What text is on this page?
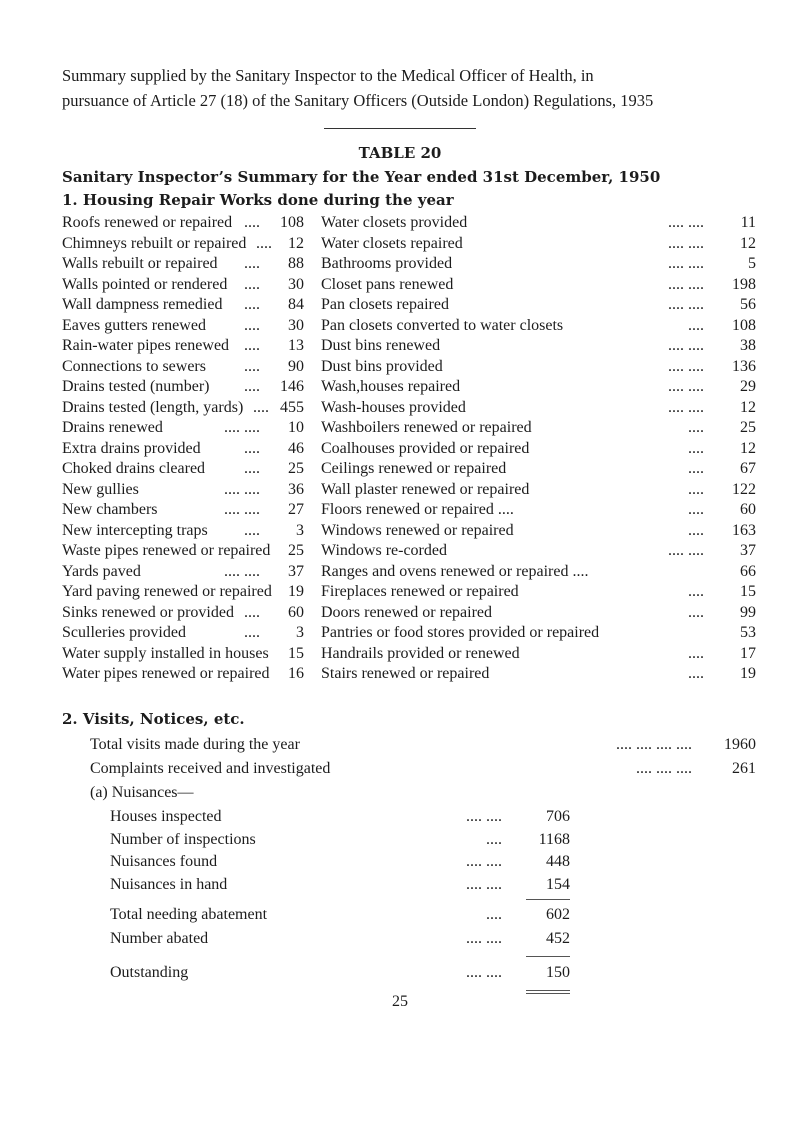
Summary supplied by the Sanitary Inspector to the Medical Officer of Health, in
pursuance of Article 27 (18) of the Sanitary Officers (Outside London) Regulations, 1935
TABLE 20
Sanitary Inspector’s Summary for the Year ended 31st December, 1950
1. Housing Repair Works done during the year
Roofs renewed or repaired ....	108
Chimneys rebuilt or repaired ....	12
Walls rebuilt or repaired ....	88
Walls pointed or rendered ....	30
Wall dampness remedied ....	84
Eaves gutters renewed ....	30
Rain-water pipes renewed ....	13
Connections to sewers ....	90
Drains tested (number) ....	146
Drains tested (length, yards) .... 455
Drains renewed	.... ....	10
Extra drains provided	....	46
Choked drains cleared ....	25
New gullies	.... ....	36
New chambers	.... ....	27
New intercepting traps ....	3
Waste pipes renewed or repaired	25
Yards paved	.... ....	37
Yard paving renewed or repaired	19
Sinks renewed or provided ....	60
Sculleries provided	....	3
Water supply installed in houses	15
Water pipes renewed or repaired	16
Water closets provided	.... ....	11
Water closets repaired	.... ....	12
Bathrooms provided	.... ....	5
Closet pans renewed	.... ....	198
Pan closets repaired	.... ....	56
Pan closets converted to water closets	....	108
Dust bins renewed	.... ....	38
Dust bins provided	.... ....	136
Wash,houses repaired	.... ....	29
Wash-houses provided	.... ....	12
Washboilers renewed or repaired	....	25
Coalhouses provided or repaired	....	12
Ceilings renewed or repaired	....	67
Wall plaster renewed or repaired	....	122
Floors renewed or repaired ....	....	60
Windows renewed or repaired	....	163
Windows re-corded	.... ....	37
Ranges and ovens renewed or repaired ....	66
Fireplaces renewed or repaired	....	15
Doors renewed or repaired	....	99
Pantries or food stores provided or repaired	53
Handrails provided or renewed	....	17
Stairs renewed or repaired	....	19
2. Visits, Notices, etc.
Total visits made during the year	.... .... .... ....	1960
Complaints received and investigated	.... .... ....	261
(a) Nuisances—
Houses inspected	.... ....	706
Number of inspections	....	1168
Nuisances found	.... ....	448
Nuisances in hand	.... ....	154
Total needing abatement	....	602
Number abated	.... ....	452
Outstanding	.... ....	150
25
